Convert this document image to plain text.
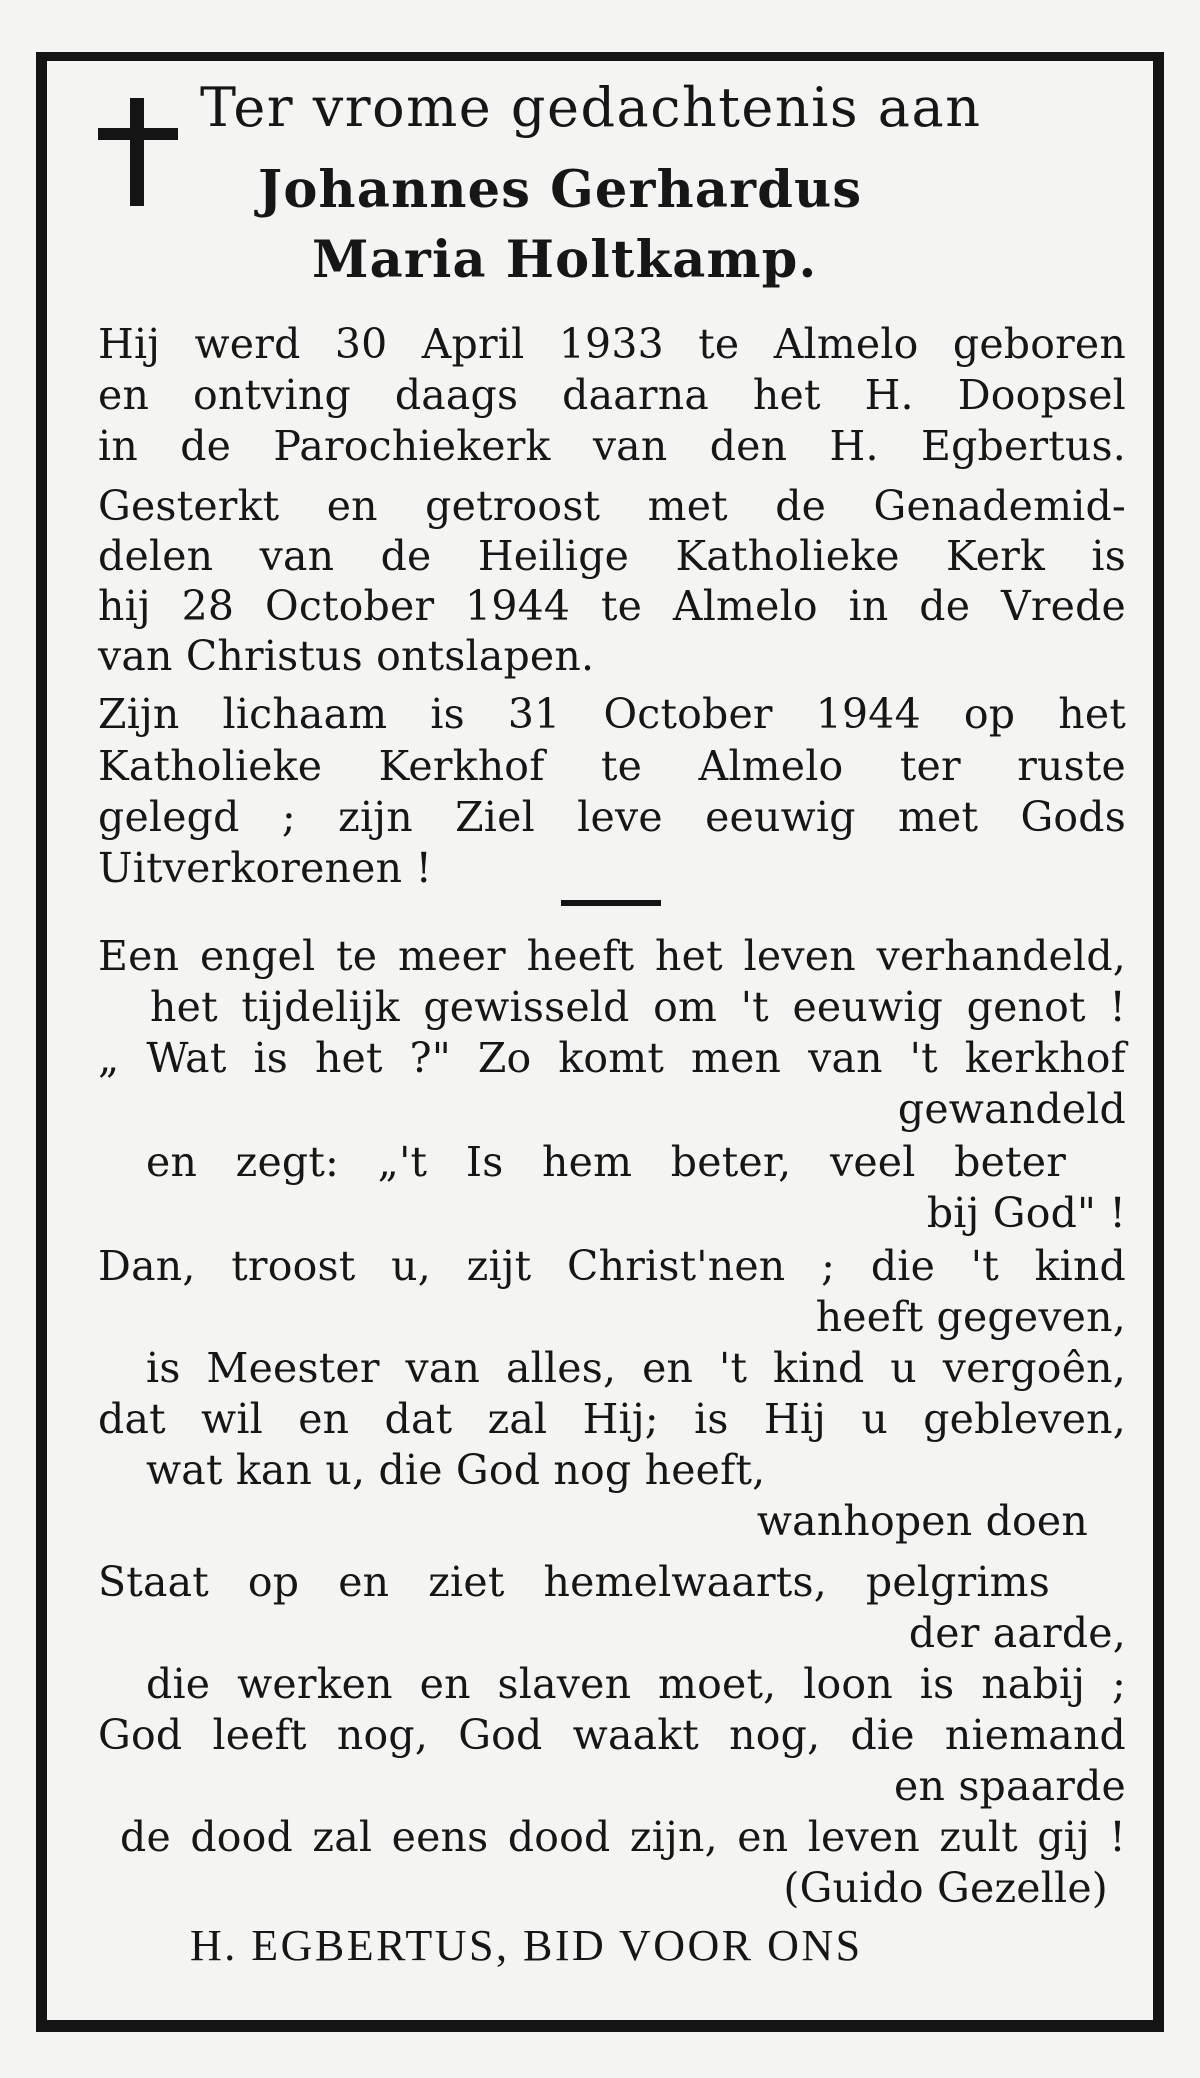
Ter vrome gedachtenis aan
Johannes Gerhardus
Maria Holtkamp.
Hij werd 30 April 1933 te Almelo geboren
en ontving daags daarna het H. Doopsel
in de Parochiekerk van den H. Egbertus.
Gesterkt en getroost met de Genademid-
delen van de Heilige Katholieke Kerk is
hij 28 October 1944 te Almelo in de Vrede
van Christus ontslapen.
Zijn lichaam is 31 October 1944 op het
Katholieke Kerkhof te Almelo ter ruste
gelegd ; zijn Ziel leve eeuwig met Gods
Uitverkorenen !
Een engel te meer heeft het leven verhandeld,
het tijdelijk gewisseld om 't eeuwig genot !
„ Wat is het ?" Zo komt men van 't kerkhof
gewandeld
en zegt: „'t Is hem beter, veel beter
bij God" !
Dan, troost u, zijt Christ'nen ; die 't kind
heeft gegeven,
is Meester van alles, en 't kind u vergoên,
dat wil en dat zal Hij; is Hij u gebleven,
wat kan u, die God nog heeft,
wanhopen doen
Staat op en ziet hemelwaarts, pelgrims
der aarde,
die werken en slaven moet, loon is nabij ;
God leeft nog, God waakt nog, die niemand
en spaarde
de dood zal eens dood zijn, en leven zult gij !
(Guido Gezelle)
H. EGBERTUS, BID VOOR ONS
